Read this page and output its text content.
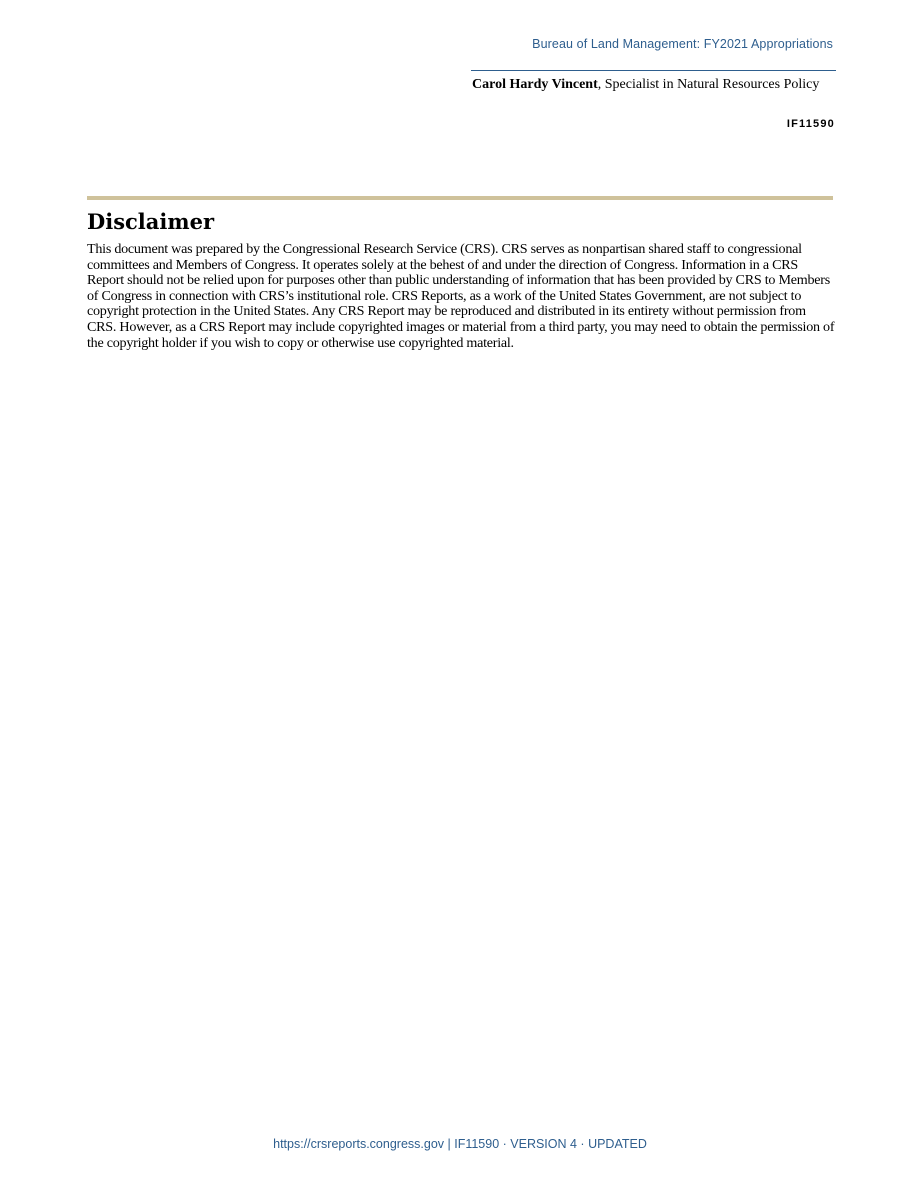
Bureau of Land Management: FY2021 Appropriations
Carol Hardy Vincent, Specialist in Natural Resources Policy
IF11590
Disclaimer

This document was prepared by the Congressional Research Service (CRS). CRS serves as nonpartisan shared staff to congressional committees and Members of Congress. It operates solely at the behest of and under the direction of Congress. Information in a CRS Report should not be relied upon for purposes other than public understanding of information that has been provided by CRS to Members of Congress in connection with CRS’s institutional role. CRS Reports, as a work of the United States Government, are not subject to copyright protection in the United States. Any CRS Report may be reproduced and distributed in its entirety without permission from CRS. However, as a CRS Report may include copyrighted images or material from a third party, you may need to obtain the permission of the copyright holder if you wish to copy or otherwise use copyrighted material.

https://crsreports.congress.gov | IF11590 · VERSION 4 · UPDATED
